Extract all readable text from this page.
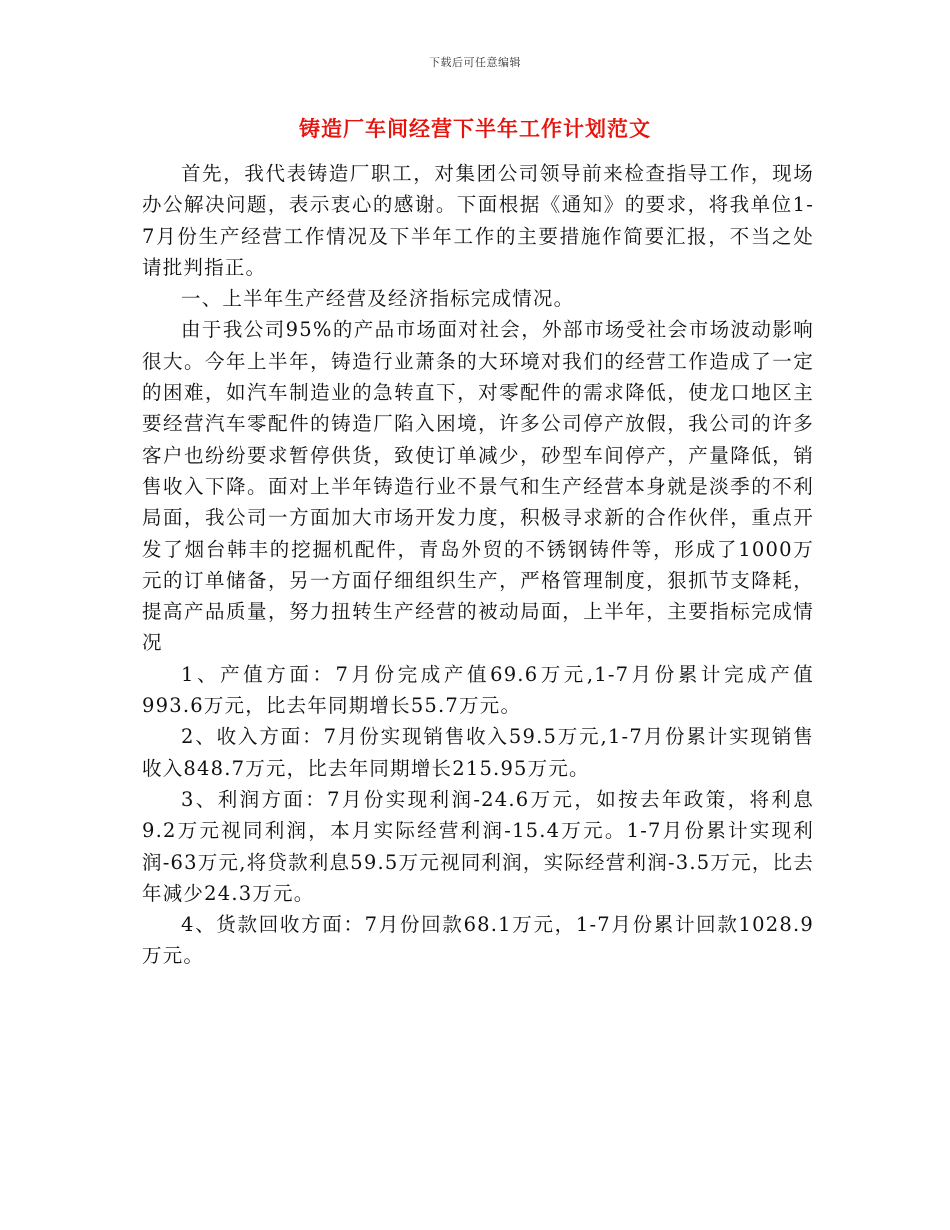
下载后可任意编辑
铸造厂车间经营下半年工作计划范文

首先，我代表铸造厂职工，对集团公司领导前来检查指导工作，现场办公解决问题，表示衷心的感谢。下面根据《通知》的要求，将我单位1-7月份生产经营工作情况及下半年工作的主要措施作简要汇报，不当之处请批判指正。

一、上半年生产经营及经济指标完成情况。

由于我公司95%的产品市场面对社会，外部市场受社会市场波动影响很大。今年上半年，铸造行业萧条的大环境对我们的经营工作造成了一定的困难，如汽车制造业的急转直下，对零配件的需求降低，使龙口地区主要经营汽车零配件的铸造厂陷入困境，许多公司停产放假，我公司的许多客户也纷纷要求暂停供货，致使订单减少，砂型车间停产，产量降低，销售收入下降。面对上半年铸造行业不景气和生产经营本身就是淡季的不利局面，我公司一方面加大市场开发力度，积极寻求新的合作伙伴，重点开发了烟台韩丰的挖掘机配件，青岛外贸的不锈钢铸件等，形成了1000万元的订单储备，另一方面仔细组织生产，严格管理制度，狠抓节支降耗，提高产品质量，努力扭转生产经营的被动局面，上半年，主要指标完成情况

1、产值方面：7月份完成产值69.6万元,1-7月份累计完成产值993.6万元，比去年同期增长55.7万元。

2、收入方面：7月份实现销售收入59.5万元,1-7月份累计实现销售收入848.7万元，比去年同期增长215.95万元。

3、利润方面：7月份实现利润-24.6万元，如按去年政策，将利息9.2万元视同利润，本月实际经营利润-15.4万元。1-7月份累计实现利润-63万元,将贷款利息59.5万元视同利润，实际经营利润-3.5万元，比去年减少24.3万元。

4、货款回收方面：7月份回款68.1万元，1-7月份累计回款1028.9万元。
